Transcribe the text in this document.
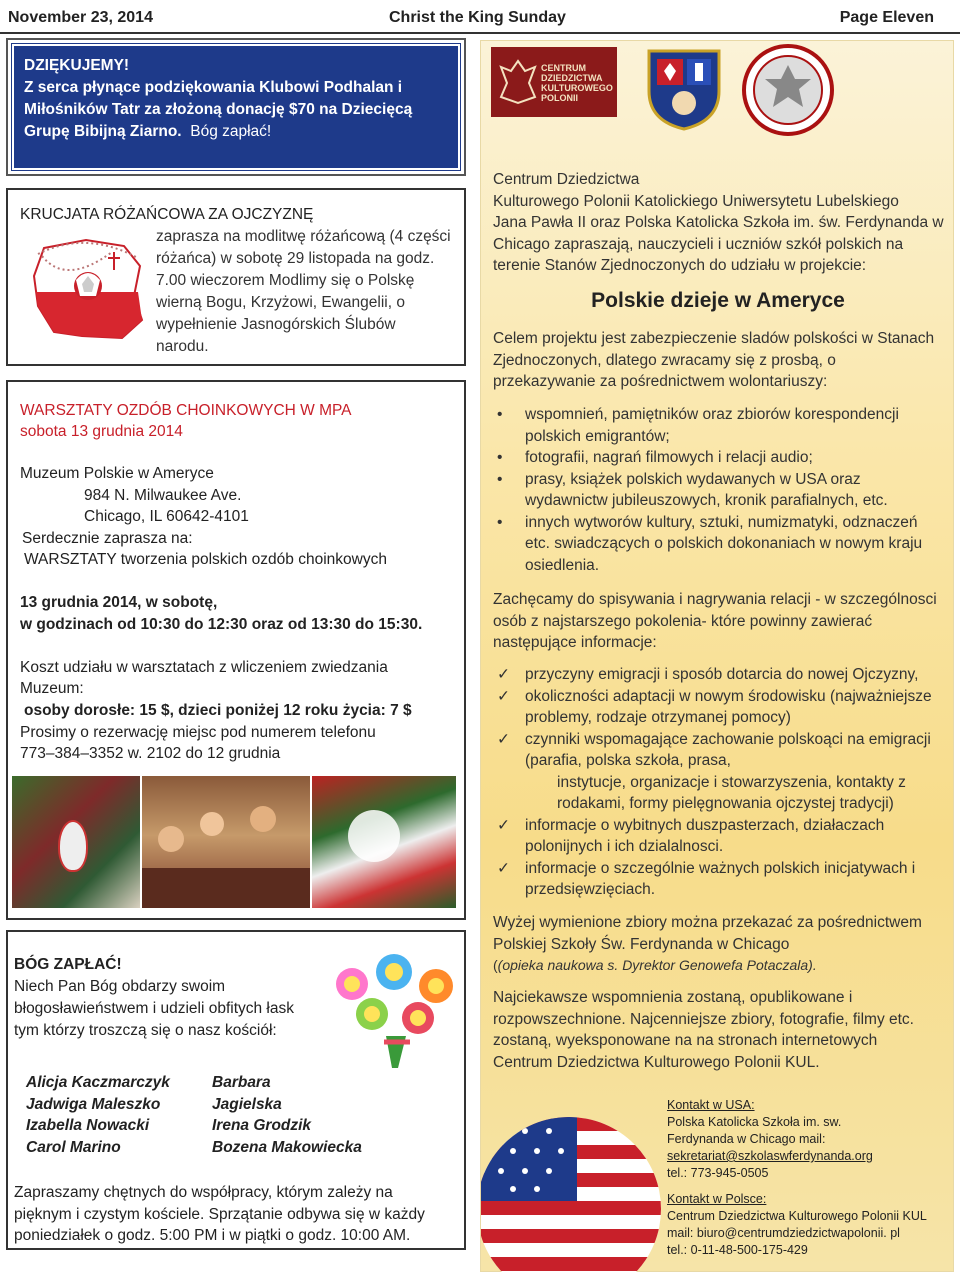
November 23, 2014	Christ the King Sunday	Page Eleven
DZIĘKUJEMY!
Z serca płynące podziękowania Klubowi Podhalan i
Miłośników Tatr za złożoną donację $70 na Dziecięcą
Grupę Bibijną Ziarno. Bóg zapłać!
KRUCJATA RÓŻAŃCOWA ZA OJCZYZNĘ
zaprasza na modlitwę różańcową (4 części
różańca) w sobotę 29 listopada na godz.
7.00 wieczorem Modlimy się o Polskę
wierną Bogu, Krzyżowi, Ewangelii, o
wypełnienie Jasnogórskich Ślubów
narodu.
WARSZTATY OZDÓB CHOINKOWYCH W MPA
sobota 13 grudnia 2014
Muzeum Polskie w Ameryce
984 N. Milwaukee Ave.
Chicago, IL 60642-4101
Serdecznie zaprasza na:
WARSZTATY tworzenia polskich ozdób choinkowych
13 grudnia 2014, w sobotę,
w godzinach od 10:30 do 12:30 oraz od 13:30 do 15:30.
Koszt udziału w warsztatach z wliczeniem zwiedzania
Muzeum:
osoby dorosłe: 15 $, dzieci poniżej 12 roku życia: 7 $
Prosimy o rezerwację miejsc pod numerem telefonu
773–384–3352 w. 2102 do 12 grudnia
BÓG ZAPŁAĆ!
Niech Pan Bóg obdarzy swoim
błogosławieństwem i udzieli obfitych łask
tym którzy troszczą się o nasz kościół:
Alicja Kaczmarczyk
Jadwiga Maleszko
Izabella Nowacki
Carol Marino
Barbara
Jagielska
Irena Grodzik
Bozena Makowiecka
Zapraszamy chętnych do współpracy, którym zależy na
pięknym i czystym kościele. Sprzątanie odbywa się w każdy
poniedziałek o godz. 5:00 PM i w piątki o godz. 10:00 AM.
CENTRUM
DZIEDZICTWA
KULTUROWEGO
POLONII

Centrum Dziedzictwa
Kulturowego Polonii Katolickiego Uniwersytetu Lubelskiego
Jana Pawła II oraz Polska Katolicka Szkoła im. św. Ferdynanda w
Chicago zapraszają, nauczycieli i uczniów szkół polskich na
terenie Stanów Zjednoczonych do udziału w projekcie:

Polskie dzieje w Ameryce

Celem projektu jest zabezpieczenie sladów polskości w Stanach
Zjednoczonych, dlatego zwracamy się z prosbą, o
przekazywanie za pośrednictwem wolontariuszy:

• wspomnień, pamiętników oraz zbiorów korespondencji
polskich emigrantów;
• fotografii, nagrań filmowych i relacji audio;
• prasy, książek polskich wydawanych w USA oraz
wydawnictw jubileuszowych, kronik parafialnych, etc.
• innych wytworów kultury, sztuki, numizmatyki, odznaczeń
etc. swiadczących o polskich dokonaniach w nowym kraju
osiedlenia.

Zachęcamy do spisywania i nagrywania relacji - w szczególnosci
osób z najstarszego pokolenia- które powinny zawierać
następujące informacje:

✓ przyczyny emigracji i sposób dotarcia do nowej Ojczyzny,
✓ okoliczności adaptacji w nowym środowisku (najważniejsze
problemy, rodzaje otrzymanej pomocy)
✓ czynniki wspomagające zachowanie polskoąci na emigracji
(parafia, polska szkoła, prasa,
instytucje, organizacje i stowarzyszenia, kontakty z
rodakami, formy pielęgnowania ojczystej tradycji)
✓ informacje o wybitnych duszpasterzach, działaczach
polonijnych i ich dzialalnosci.
✓ informacje o szczególnie ważnych polskich inicjatywach i
przedsięwzięciach.

Wyżej wymienione zbiory można przekazać za pośrednictwem
Polskiej Szkoły Św. Ferdynanda w Chicago
((opieka naukowa s. Dyrektor Genowefa Potaczala).

Najciekawsze wspomnienia zostaną, opublikowane i
rozpowszechnione. Najcenniejsze zbiory, fotografie, filmy etc.
zostaną, wyeksponowane na na stronach internetowych
Centrum Dziedzictwa Kulturowego Polonii KUL.

Kontakt w USA:
Polska Katolicka Szkoła im. sw.
Ferdynanda w Chicago mail:
sekretariat@szkolaswferdynanda.org
tel.: 773-945-0505
Kontakt w Polsce:
Centrum Dziedzictwa Kulturowego Polonii KUL
mail: biuro@centrumdziedzictwapolonii. pl
tel.: 0-11-48-500-175-429
